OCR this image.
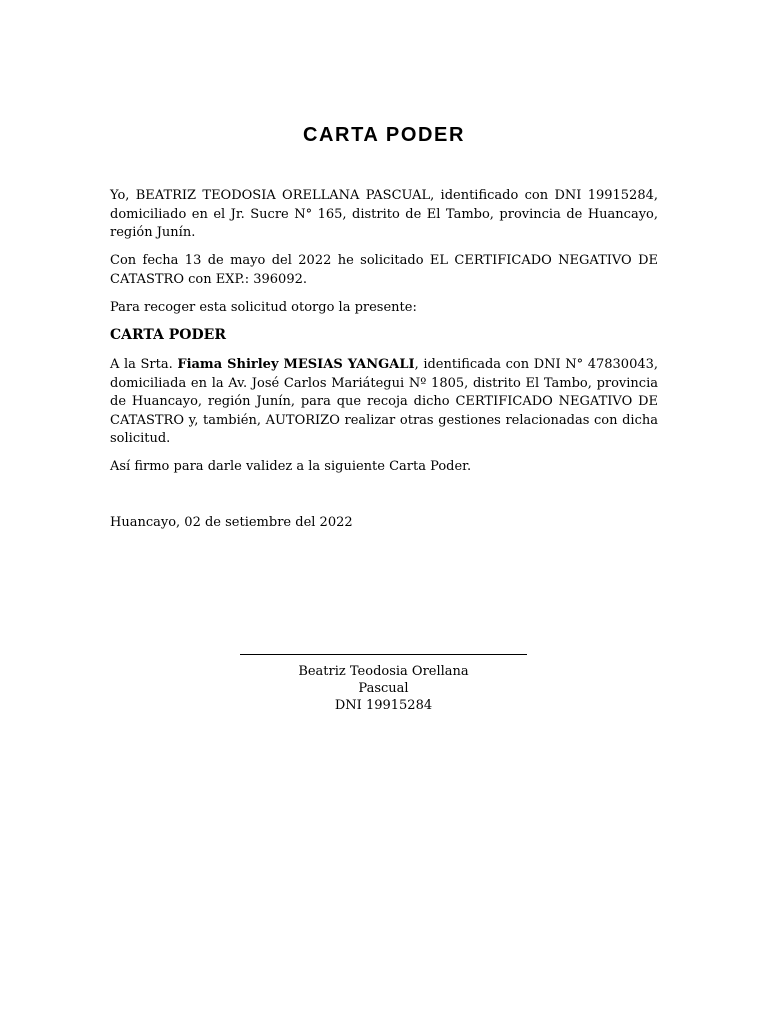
CARTA PODER

Yo, BEATRIZ TEODOSIA ORELLANA PASCUAL, identificado con DNI 19915284, domiciliado en el Jr. Sucre N° 165, distrito de El Tambo, provincia de Huancayo, región Junín.

Con fecha 13 de mayo del 2022 he solicitado EL CERTIFICADO NEGATIVO DE CATASTRO con EXP.: 396092.

Para recoger esta solicitud otorgo la presente:

CARTA PODER

A la Srta. Fiama Shirley MESIAS YANGALI, identificada con DNI N° 47830043, domiciliada en la Av. José Carlos Mariátegui Nº 1805, distrito El Tambo, provincia de Huancayo, región Junín, para que recoja dicho CERTIFICADO NEGATIVO DE CATASTRO y, también, AUTORIZO realizar otras gestiones relacionadas con dicha solicitud.

Así firmo para darle validez a la siguiente Carta Poder.

Huancayo, 02 de setiembre del 2022

Beatriz Teodosia Orellana
Pascual
DNI 19915284
